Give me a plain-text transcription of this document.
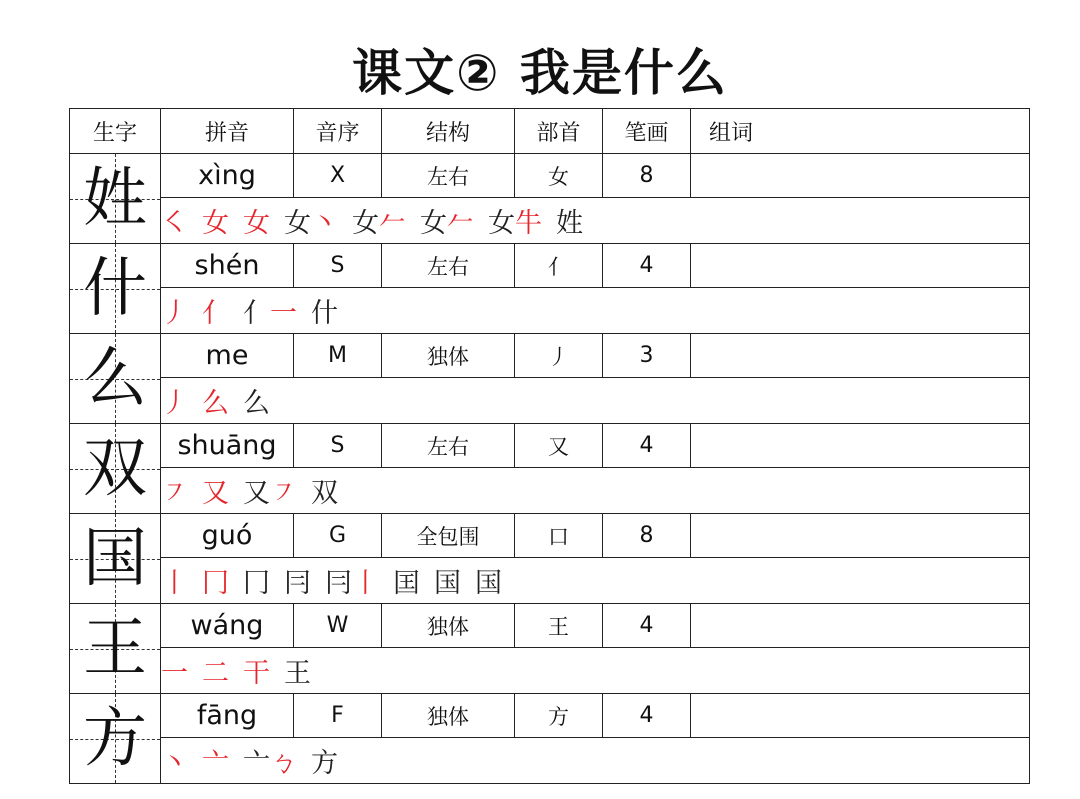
课文② 我是什么
生字	拼音	音序	结构	部首	笔画	组词

姓	xìng	X	左右	女	8	
	㇛ 女 女 女丶 女𠂉 女𠂉 女牛 姓					

什	shén	S	左右	亻	4	
	丿 亻 亻一 什					

么	me	M	独体	丿	3	
	丿 么 么					

双	shuāng	S	左右	又	4	
	㇇ 又 又㇇ 双					

国	guó	G	全包围	口	8	
	丨 冂 冂 冃 冃丨 囯 国 国					

王	wáng	W	独体	王	4	
	一 二 干 王					

方	fāng	F	独体	方	4	
	丶 亠 亠ㄅ 方					
